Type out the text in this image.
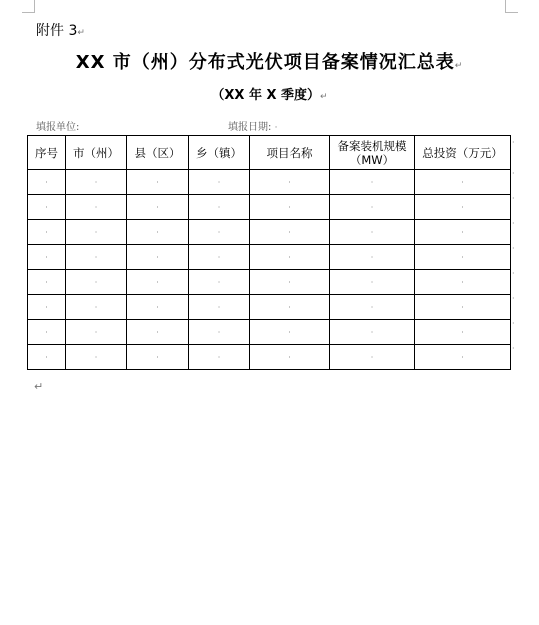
附件 3↵
XX 市（州）分布式光伏项目备案情况汇总表↵
（XX 年 X 季度）↵
填报单位:	填报日期: ·
序号	市（州）	县（区）	乡（镇）	项目名称	备案装机规模（MW）	总投资（万元）
·	·	·	·	·	·	·
·	·	·	·	·	·	·
·	·	·	·	·	·	·
·	·	·	·	·	·	·
·	·	·	·	·	·	·
·	·	·	·	·	·	·
·	·	·	·	·	·	·
·	·	·	·	·	·	·
·
·
·
·
·
·
·
·
·
↵
